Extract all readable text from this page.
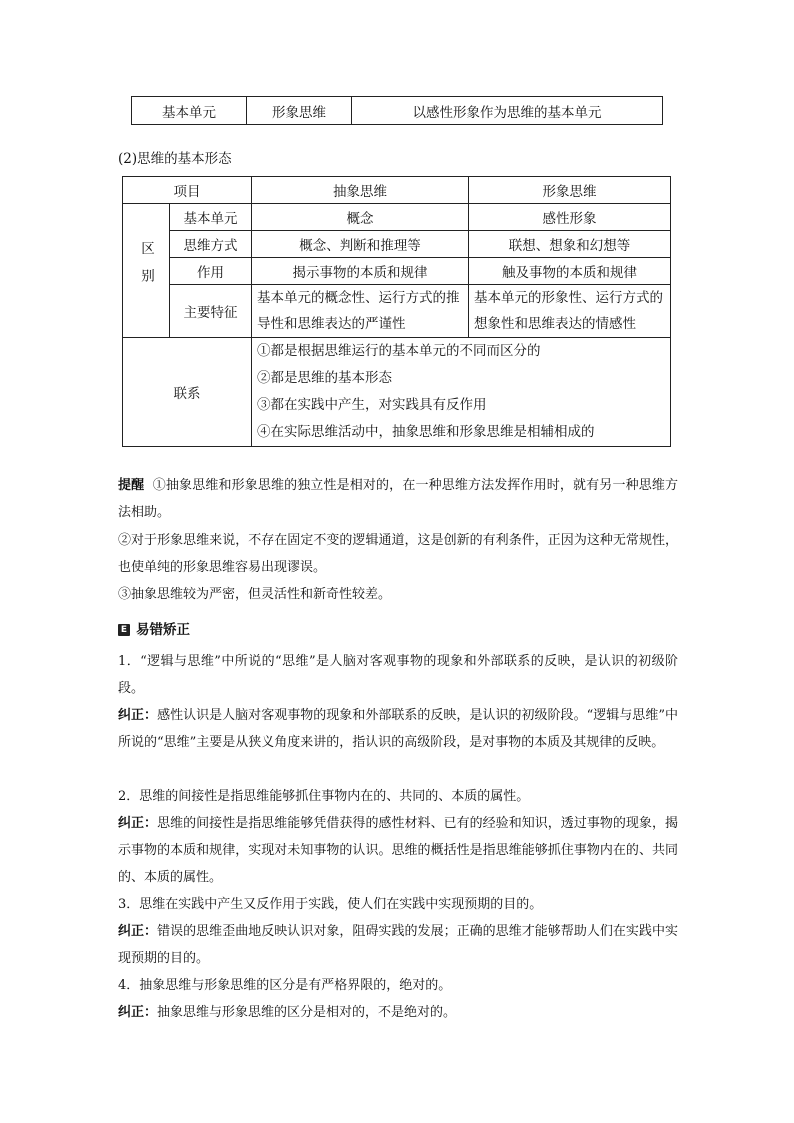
基本单元	形象思维	以感性形象作为思维的基本单元
(2)思维的基本形态
项目		抽象思维	形象思维
区别	基本单元	概念	感性形象
	思维方式	概念、判断和推理等	联想、想象和幻想等
	作用	揭示事物的本质和规律	触及事物的本质和规律
	主要特征	基本单元的概念性、运行方式的推导性和思维表达的严谨性	基本单元的形象性、运行方式的想象性和思维表达的情感性
联系		①都是根据思维运行的基本单元的不同而区分的
②都是思维的基本形态
③都在实践中产生，对实践具有反作用
④在实际思维活动中，抽象思维和形象思维是相辅相成的	
提醒 ①抽象思维和形象思维的独立性是相对的，在一种思维方法发挥作用时，就有另一种思维方法相助。
②对于形象思维来说，不存在固定不变的逻辑通道，这是创新的有利条件，正因为这种无常规性，也使单纯的形象思维容易出现谬误。
③抽象思维较为严密，但灵活性和新奇性较差。
E 易错矫正
1．“逻辑与思维”中所说的“思维”是人脑对客观事物的现象和外部联系的反映，是认识的初级阶段。
纠正：感性认识是人脑对客观事物的现象和外部联系的反映，是认识的初级阶段。“逻辑与思维”中所说的“思维”主要是从狭义角度来讲的，指认识的高级阶段，是对事物的本质及其规律的反映。
2．思维的间接性是指思维能够抓住事物内在的、共同的、本质的属性。
纠正：思维的间接性是指思维能够凭借获得的感性材料、已有的经验和知识，透过事物的现象，揭示事物的本质和规律，实现对未知事物的认识。思维的概括性是指思维能够抓住事物内在的、共同的、本质的属性。
3．思维在实践中产生又反作用于实践，使人们在实践中实现预期的目的。
纠正：错误的思维歪曲地反映认识对象，阻碍实践的发展；正确的思维才能够帮助人们在实践中实现预期的目的。
4．抽象思维与形象思维的区分是有严格界限的，绝对的。
纠正：抽象思维与形象思维的区分是相对的，不是绝对的。
